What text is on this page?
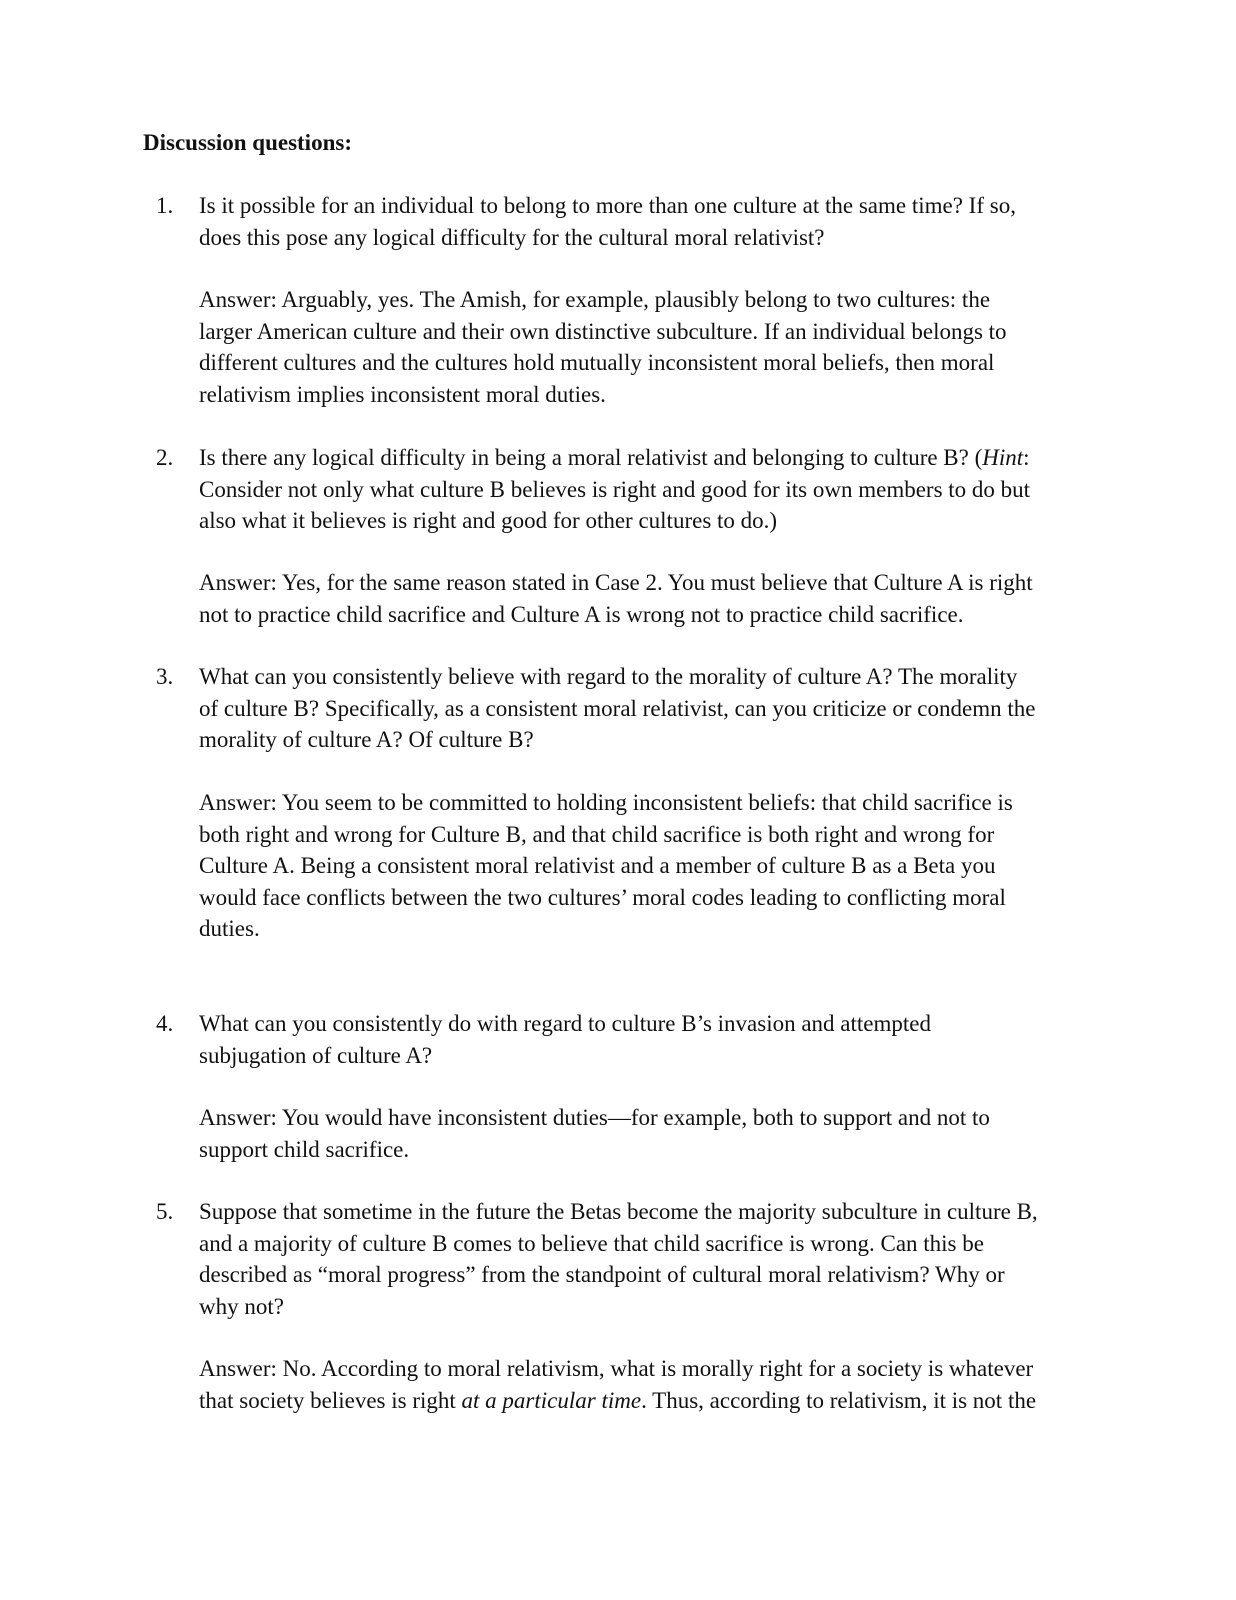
Discussion questions:
1. Is it possible for an individual to belong to more than one culture at the same time? If so,
does this pose any logical difficulty for the cultural moral relativist?

Answer: Arguably, yes. The Amish, for example, plausibly belong to two cultures: the
larger American culture and their own distinctive subculture. If an individual belongs to
different cultures and the cultures hold mutually inconsistent moral beliefs, then moral
relativism implies inconsistent moral duties.

2. Is there any logical difficulty in being a moral relativist and belonging to culture B? (Hint:
Consider not only what culture B believes is right and good for its own members to do but
also what it believes is right and good for other cultures to do.)

Answer: Yes, for the same reason stated in Case 2. You must believe that Culture A is right
not to practice child sacrifice and Culture A is wrong not to practice child sacrifice.

3. What can you consistently believe with regard to the morality of culture A? The morality
of culture B? Specifically, as a consistent moral relativist, can you criticize or condemn the
morality of culture A? Of culture B?

Answer: You seem to be committed to holding inconsistent beliefs: that child sacrifice is
both right and wrong for Culture B, and that child sacrifice is both right and wrong for
Culture A. Being a consistent moral relativist and a member of culture B as a Beta you
would face conflicts between the two cultures’ moral codes leading to conflicting moral
duties.

4. What can you consistently do with regard to culture B’s invasion and attempted
subjugation of culture A?

Answer: You would have inconsistent duties—for example, both to support and not to
support child sacrifice.

5. Suppose that sometime in the future the Betas become the majority subculture in culture B,
and a majority of culture B comes to believe that child sacrifice is wrong. Can this be
described as “moral progress” from the standpoint of cultural moral relativism? Why or
why not?

Answer: No. According to moral relativism, what is morally right for a society is whatever
that society believes is right at a particular time. Thus, according to relativism, it is not the
